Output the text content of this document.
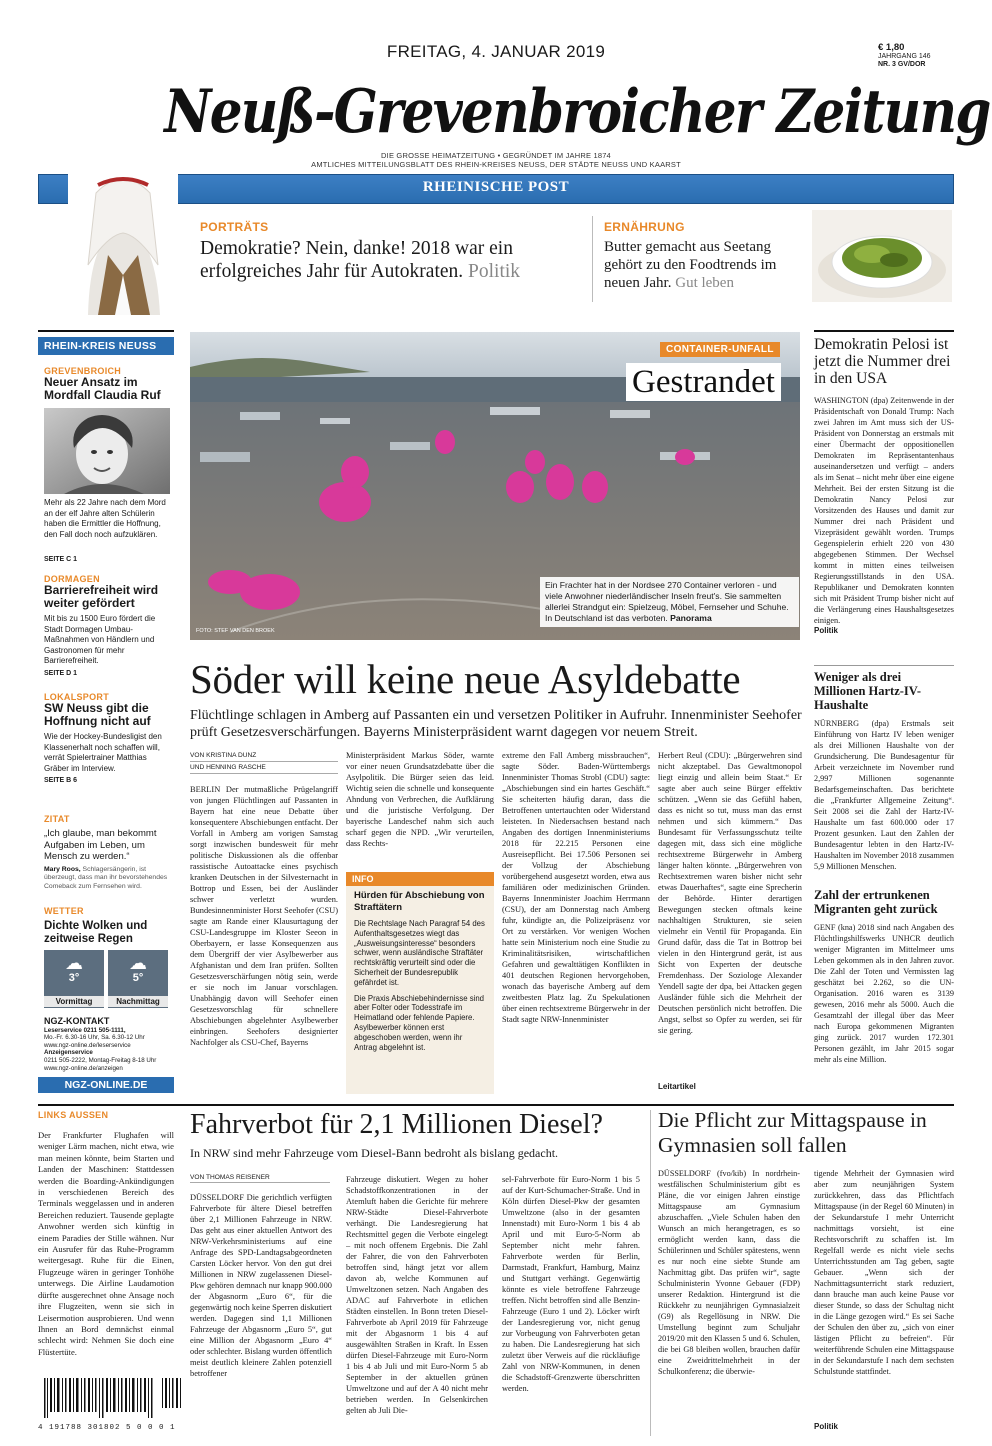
FREITAG, 4. JANUAR 2019	€ 1,80
JAHRGANG 146
NR. 3 GV/DOR
Neuß-Grevenbroicher Zeitung
DIE GROSSE HEIMATZEITUNG • GEGRÜNDET IM JAHRE 1874
AMTLICHES MITTEILUNGSBLATT DES RHEIN-KREISES NEUSS, DER STÄDTE NEUSS UND KAARST
RHEINISCHE POST
PORTRÄTS
Demokratie? Nein, danke! 2018 war ein erfolgreiches Jahr für Autokraten. Politik
ERNÄHRUNG
Butter gemacht aus Seetang gehört zu den Foodtrends im neuen Jahr. Gut leben
RHEIN-KREIS NEUSS
GREVENBROICH
Neuer Ansatz im Mordfall Claudia Ruf
Mehr als 22 Jahre nach dem Mord an der elf Jahre alten Schülerin haben die Ermittler die Hoffnung, den Fall doch noch aufzuklären.
SEITE C 1
DORMAGEN
Barrierefreiheit wird weiter gefördert
Mit bis zu 1500 Euro fördert die Stadt Dormagen Umbau-Maßnahmen von Händlern und Gastronomen für mehr Barrierefreiheit.
SEITE D 1
LOKALSPORT
SW Neuss gibt die Hoffnung nicht auf
Wie der Hockey-Bundesligist den Klassenerhalt noch schaffen will, verrät Spielertrainer Matthias Gräber im Interview.
SEITE B 6
ZITAT
„Ich glaube, man bekommt Aufgaben im Leben, um Mensch zu werden.“
Mary Roos, Schlagersängerin, ist überzeugt, dass man ihr bevorstehendes Comeback zum Fernsehen wird.
WETTER
Dichte Wolken und zeitweise Regen
☁
3°
☁
5°
Vormittag	Nachmittag
NGZ-KONTAKT
Leserservice 0211 505-1111,
Mo.-Fr. 6.30-16 Uhr, Sa. 6.30-12 Uhr
www.ngz-online.de/leserservice
Anzeigenservice
0211 505-2222, Montag-Freitag 8-18 Uhr
www.ngz-online.de/anzeigen
NGZ-ONLINE.DE
CONTAINER-UNFALL
Gestrandet
Ein Frachter hat in der Nordsee 270 Container verloren - und viele Anwohner niederländischer Inseln freut's. Sie sammelten allerlei Strandgut ein: Spielzeug, Möbel, Fernseher und Schuhe. In Deutschland ist das verboten. Panorama
FOTO: STEF VAN DEN BROEK
Demokratin Pelosi ist jetzt die Nummer drei in den USA
WASHINGTON (dpa) Zeitenwende in der Präsidentschaft von Donald Trump: Nach zwei Jahren im Amt muss sich der US-Präsident von Donnerstag an erstmals mit einer Übermacht der oppositionellen Demokraten im Repräsentantenhaus auseinandersetzen und verfügt – anders als im Senat – nicht mehr über eine eigene Mehrheit. Bei der ersten Sitzung ist die Demokratin Nancy Pelosi zur Vorsitzenden des Hauses und damit zur Nummer drei nach Präsident und Vizepräsident gewählt worden. Trumps Gegenspielerin erhielt 220 von 430 abgegebenen Stimmen. Der Wechsel kommt in mitten eines teilweisen Regierungsstillstands in den USA. Republikaner und Demokraten konnten sich mit Präsident Trump bisher nicht auf die Verlängerung eines Haushaltsgesetzes einigen.
Politik
Weniger als drei Millionen Hartz-IV-Haushalte
NÜRNBERG (dpa) Erstmals seit Einführung von Hartz IV leben weniger als drei Millionen Haushalte von der Grundsicherung. Die Bundesagentur für Arbeit verzeichnete im November rund 2,997 Millionen sogenannte Bedarfsgemeinschaften. Das berichtete die „Frankfurter Allgemeine Zeitung“. Seit 2008 sei die Zahl der Hartz-IV-Haushalte um fast 600.000 oder 17 Prozent gesunken. Laut den Zahlen der Bundesagentur lebten in den Hartz-IV-Haushalten im November 2018 zusammen 5,9 Millionen Menschen.
Zahl der ertrunkenen Migranten geht zurück
GENF (kna) 2018 sind nach Angaben des Flüchtlingshilfswerks UNHCR deutlich weniger Migranten im Mittelmeer ums Leben gekommen als in den Jahren zuvor. Die Zahl der Toten und Vermissten lag geschätzt bei 2.262, so die UN-Organisation. 2016 waren es 3139 gewesen, 2016 mehr als 5000. Auch die Gesamtzahl der illegal über das Meer nach Europa gekommenen Migranten ging zurück. 2017 wurden 172.301 Personen gezählt, im Jahr 2015 sogar mehr als eine Million.
Söder will keine neue Asyldebatte
Flüchtlinge schlagen in Amberg auf Passanten ein und versetzen Politiker in Aufruhr. Innenminister Seehofer prüft Gesetzesverschärfungen. Bayerns Ministerpräsident warnt dagegen vor neuem Streit.
VON KRISTINA DUNZ
UND HENNING RASCHE
BERLIN Der mutmaßliche Prügelangriff von jungen Flüchtlingen auf Passanten in Bayern hat eine neue Debatte über konsequentere Abschiebungen entfacht. Der Vorfall in Amberg am vorigen Samstag sorgt inzwischen bundesweit für mehr politische Diskussionen als die offenbar rassistische Autoattacke eines psychisch kranken Deutschen in der Silvesternacht in Bottrop und Essen, bei der Ausländer schwer verletzt wurden. Bundesinnenminister Horst Seehofer (CSU) sagte am Rande einer Klausurtagung der CSU-Landesgruppe im Kloster Seeon in Oberbayern, er lasse Konsequenzen aus dem Übergriff der vier Asylbewerber aus Afghanistan und dem Iran prüfen. Sollten Gesetzesverschärfungen nötig sein, werde er sie noch im Januar vorschlagen. Unabhängig davon will Seehofer einen Gesetzesvorschlag für schnellere Abschiebungen abgelehnter Asylbewerber einbringen. Seehofers designierter Nachfolger als CSU-Chef, Bayerns
Ministerpräsident Markus Söder, warnte vor einer neuen Grundsatzdebatte über die Asylpolitik. Die Bürger seien das leid. Wichtig seien die schnelle und konsequente Ahndung von Verbrechen, die Aufklärung und die juristische Verfolgung. Der bayerische Landeschef nahm sich auch scharf gegen die NPD. „Wir verurteilen, dass Rechts-
INFO
Hürden für Abschiebung von Straftätern
Die Rechtslage Nach Paragraf 54 des Aufenthaltsgesetzes wiegt das „Ausweisungsinteresse“ besonders schwer, wenn ausländische Straftäter rechtskräftig verurteilt sind oder die Sicherheit der Bundesrepublik gefährdet ist.
Die Praxis Abschiebehindernisse sind aber Folter oder Todesstrafe im Heimatland oder fehlende Papiere. Asylbewerber können erst abgeschoben werden, wenn ihr Antrag abgelehnt ist.
extreme den Fall Amberg missbrauchen“, sagte Söder. Baden-Württembergs Innenminister Thomas Strobl (CDU) sagte: „Abschiebungen sind ein hartes Geschäft.“ Sie scheiterten häufig daran, dass die Betroffenen untertauchten oder Widerstand leisteten. In Niedersachsen bestand nach Angaben des dortigen Innenministeriums 2018 für 22.215 Personen eine Ausreisepflicht. Bei 17.506 Personen sei der Vollzug der Abschiebung vorübergehend ausgesetzt worden, etwa aus familiären oder medizinischen Gründen. Bayerns Innenminister Joachim Herrmann (CSU), der am Donnerstag nach Amberg fuhr, kündigte an, die Polizeipräsenz vor Ort zu verstärken. Vor wenigen Wochen hatte sein Ministerium noch eine Studie zu Kriminalitätsrisiken, wirtschaftlichen Gefahren und gewalttätigen Konflikten in 401 deutschen Regionen hervorgehoben, wonach das bayerische Amberg auf dem zweitbesten Platz lag. Zu Spekulationen über einen rechtsextreme Bürgerwehr in der Stadt sagte NRW-Innenminister
Herbert Reul (CDU): „Bürgerwehren sind nicht akzeptabel. Das Gewaltmonopol liegt einzig und allein beim Staat.“ Er sagte aber auch seine Bürger effektiv schützen. „Wenn sie das Gefühl haben, dass es nicht so tut, muss man das ernst nehmen und sich kümmern.“ Das Bundesamt für Verfassungsschutz teilte dagegen mit, dass sich eine mögliche rechtsextreme Bürgerwehr in Amberg länger halten könnte. „Bürgerwehren von Rechtsextremen waren bisher nicht sehr etwas Dauerhaftes“, sagte eine Sprecherin der Behörde. Hinter derartigen Bewegungen stecken oftmals keine nachhaltigen Strukturen, sie seien vielmehr ein Ventil für Propaganda. Ein Grund dafür, dass die Tat in Bottrop bei vielen in den Hintergrund gerät, ist aus Sicht von Experten der deutsche Fremdenhass. Der Soziologe Alexander Yendell sagte der dpa, bei Attacken gegen Ausländer fühle sich die Mehrheit der Deutschen persönlich nicht betroffen. Die Angst, selbst so Opfer zu werden, sei für sie gering.
Leitartikel
LINKS AUSSEN
Der Frankfurter Flughafen will weniger Lärm machen, nicht etwa, wie man meinen könnte, beim Starten und Landen der Maschinen: Stattdessen werden die Boarding-Ankündigungen in verschiedenen Bereich des Terminals weggelassen und in anderen Bereichen reduziert. Tausende geplagte Anwohner werden sich künftig in einem Paradies der Stille wähnen. Nur ein Ausrufer für das Ruhe-Programm weitergesagt. Ruhe für die Einen, Flugzeuge wären in geringer Tonhöhe unterwegs. Die Airline Laudamotion dürfte ausgerechnet ohne Ansage noch ihre Flugzeiten, wenn sie sich in Leisermotion ausprobieren. Und wenn Ihnen an Bord demnächst einmal schlecht wird: Nehmen Sie doch eine Flüstertüte.
4 191788 301802 5 0 0 0 1
Fahrverbot für 2,1 Millionen Diesel?
In NRW sind mehr Fahrzeuge vom Diesel-Bann bedroht als bislang gedacht.
VON THOMAS REISENER
DÜSSELDORF Die gerichtlich verfügten Fahrverbote für ältere Diesel betreffen über 2,1 Millionen Fahrzeuge in NRW. Das geht aus einer aktuellen Antwort des NRW-Verkehrsministeriums auf eine Anfrage des SPD-Landtagsabgeordneten Carsten Löcker hervor. Von den gut drei Millionen in NRW zugelassenen Diesel-Pkw gehören demnach nur knapp 900.000 der Abgasnorm „Euro 6“, für die gegenwärtig noch keine Sperren diskutiert werden. Dagegen sind 1,1 Millionen Fahrzeuge der Abgasnorm „Euro 5“, gut eine Million der Abgasnorm „Euro 4“ oder schlechter. Bislang wurden öffentlich meist deutlich kleinere Zahlen potenziell betroffener
Fahrzeuge diskutiert. Wegen zu hoher Schadstoffkonzentrationen in der Atemluft haben die Gerichte für mehrere NRW-Städte Diesel-Fahrverbote verhängt. Die Landesregierung hat Rechtsmittel gegen die Verbote eingelegt – mit noch offenem Ergebnis. Die Zahl der Fahrer, die von den Fahrverboten betroffen sind, hängt jetzt vor allem davon ab, welche Kommunen auf Umweltzonen setzen. Nach Angaben des ADAC auf Fahrverbote in etlichen Städten einstellen. In Bonn treten Diesel-Fahrverbote ab April 2019 für Fahrzeuge mit der Abgasnorm 1 bis 4 auf ausgewählten Straßen in Kraft. In Essen dürfen Diesel-Fahrzeuge mit Euro-Norm 1 bis 4 ab Juli und mit Euro-Norm 5 ab September in der aktuellen grünen Umweltzone und auf der A 40 nicht mehr betrieben werden. In Gelsenkirchen gelten ab Juli Die-
sel-Fahrverbote für Euro-Norm 1 bis 5 auf der Kurt-Schumacher-Straße. Und in Köln dürfen Diesel-Pkw der gesamten Umweltzone (also in der gesamten Innenstadt) mit Euro-Norm 1 bis 4 ab April und mit Euro-5-Norm ab September nicht mehr fahren. Fahrverbote werden für Berlin, Darmstadt, Frankfurt, Hamburg, Mainz und Stuttgart verhängt. Gegenwärtig könnte es viele betroffene Fahrzeuge treffen. Nicht betroffen sind alle Benzin-Fahrzeuge (Euro 1 und 2). Löcker wirft der Landesregierung vor, nicht genug zur Vorbeugung von Fahrverboten getan zu haben. Die Landesregierung hat sich zuletzt über Verweis auf die rückläufige Zahl von NRW-Kommunen, in denen die Schadstoff-Grenzwerte überschritten werden.
Die Pflicht zur Mittagspause in Gymnasien soll fallen
DÜSSELDORF (fvo/kib) In nordrhein-westfälischen Schulministerium gibt es Pläne, die vor einigen Jahren einstige Mittagspause am Gymnasium abzuschaffen. „Viele Schulen haben den Wunsch an mich herangetragen, es so ermöglicht werden kann, dass die Schülerinnen und Schüler spätestens, wenn es nur noch eine siebte Stunde am Nachmittag gibt. Das prüfen wir“, sagte Schulministerin Yvonne Gebauer (FDP) unserer Redaktion. Hintergrund ist die Rückkehr zu neunjährigen Gymnasialzeit (G9) als Regellösung in NRW. Die Umstellung beginnt zum Schuljahr 2019/20 mit den Klassen 5 und 6. Schulen, die bei G8 bleiben wollen, brauchen dafür eine Zweidrittelmehrheit in der Schulkonferenz; die überwie-
tigende Mehrheit der Gymnasien wird aber zum neunjährigen System zurückkehren, dass das Pflichtfach Mittagspause (in der Regel 60 Minuten) in der Sekundarstufe I mehr Unterricht nachmittags vorsieht, ist eine Rechtsvorschrift zu schaffen ist. Im Regelfall werde es nicht viele sechs Unterrichtsstunden am Tag geben, sagte Gebauer. „Wenn sich der Nachmittagsunterricht stark reduziert, dann brauche man auch keine Pause vor dieser Stunde, so dass der Schultag nicht in die Länge gezogen wird.“ Es sei Sache der Schulen den über zu, „sich von einer lästigen Pflicht zu befreien“. Für weiterführende Schulen eine Mittagspause in der Sekundarstufe I nach dem sechsten Schulstunde stattfindet.
Politik
